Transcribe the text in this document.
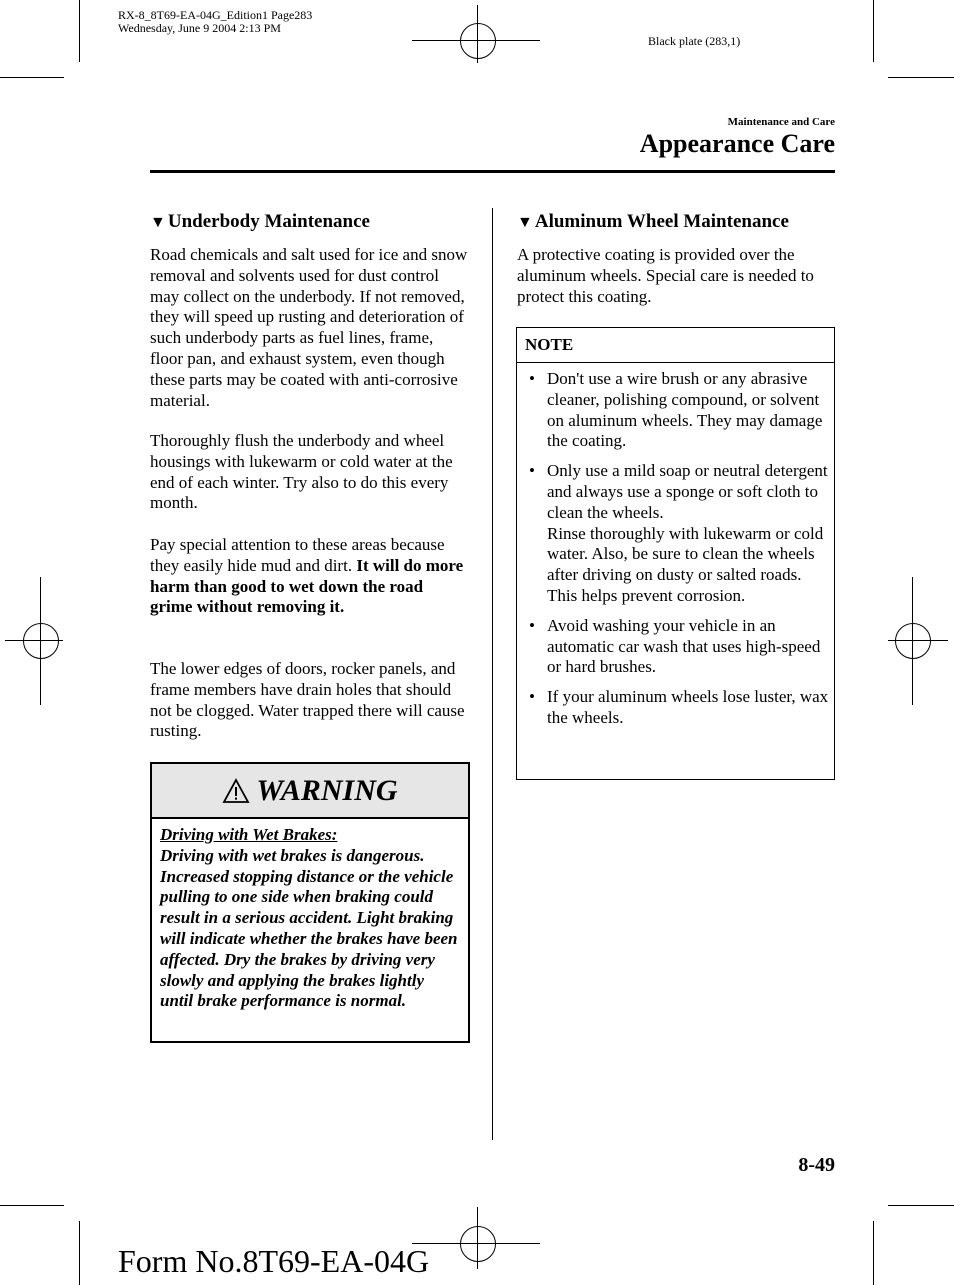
RX-8_8T69-EA-04G_Edition1 Page283
Wednesday, June 9 2004 2:13 PM
Black plate (283,1)
Maintenance and Care
Appearance Care
▼ Underbody Maintenance
Road chemicals and salt used for ice and snow removal and solvents used for dust control may collect on the underbody. If not removed, they will speed up rusting and deterioration of such underbody parts as fuel lines, frame, floor pan, and exhaust system, even though these parts may be coated with anti-corrosive material.
Thoroughly flush the underbody and wheel housings with lukewarm or cold water at the end of each winter. Try also to do this every month.
Pay special attention to these areas because they easily hide mud and dirt. It will do more harm than good to wet down the road grime without removing it.
The lower edges of doors, rocker panels, and frame members have drain holes that should not be clogged. Water trapped there will cause rusting.
WARNING
Driving with Wet Brakes:
Driving with wet brakes is dangerous. Increased stopping distance or the vehicle pulling to one side when braking could result in a serious accident. Light braking will indicate whether the brakes have been affected. Dry the brakes by driving very slowly and applying the brakes lightly until brake performance is normal.
▼ Aluminum Wheel Maintenance
A protective coating is provided over the aluminum wheels. Special care is needed to protect this coating.
NOTE
• Don't use a wire brush or any abrasive cleaner, polishing compound, or solvent on aluminum wheels. They may damage the coating.
• Only use a mild soap or neutral detergent and always use a sponge or soft cloth to clean the wheels.
Rinse thoroughly with lukewarm or cold water. Also, be sure to clean the wheels after driving on dusty or salted roads. This helps prevent corrosion.
• Avoid washing your vehicle in an automatic car wash that uses high-speed or hard brushes.
• If your aluminum wheels lose luster, wax the wheels.
8-49
Form No.8T69-EA-04G
